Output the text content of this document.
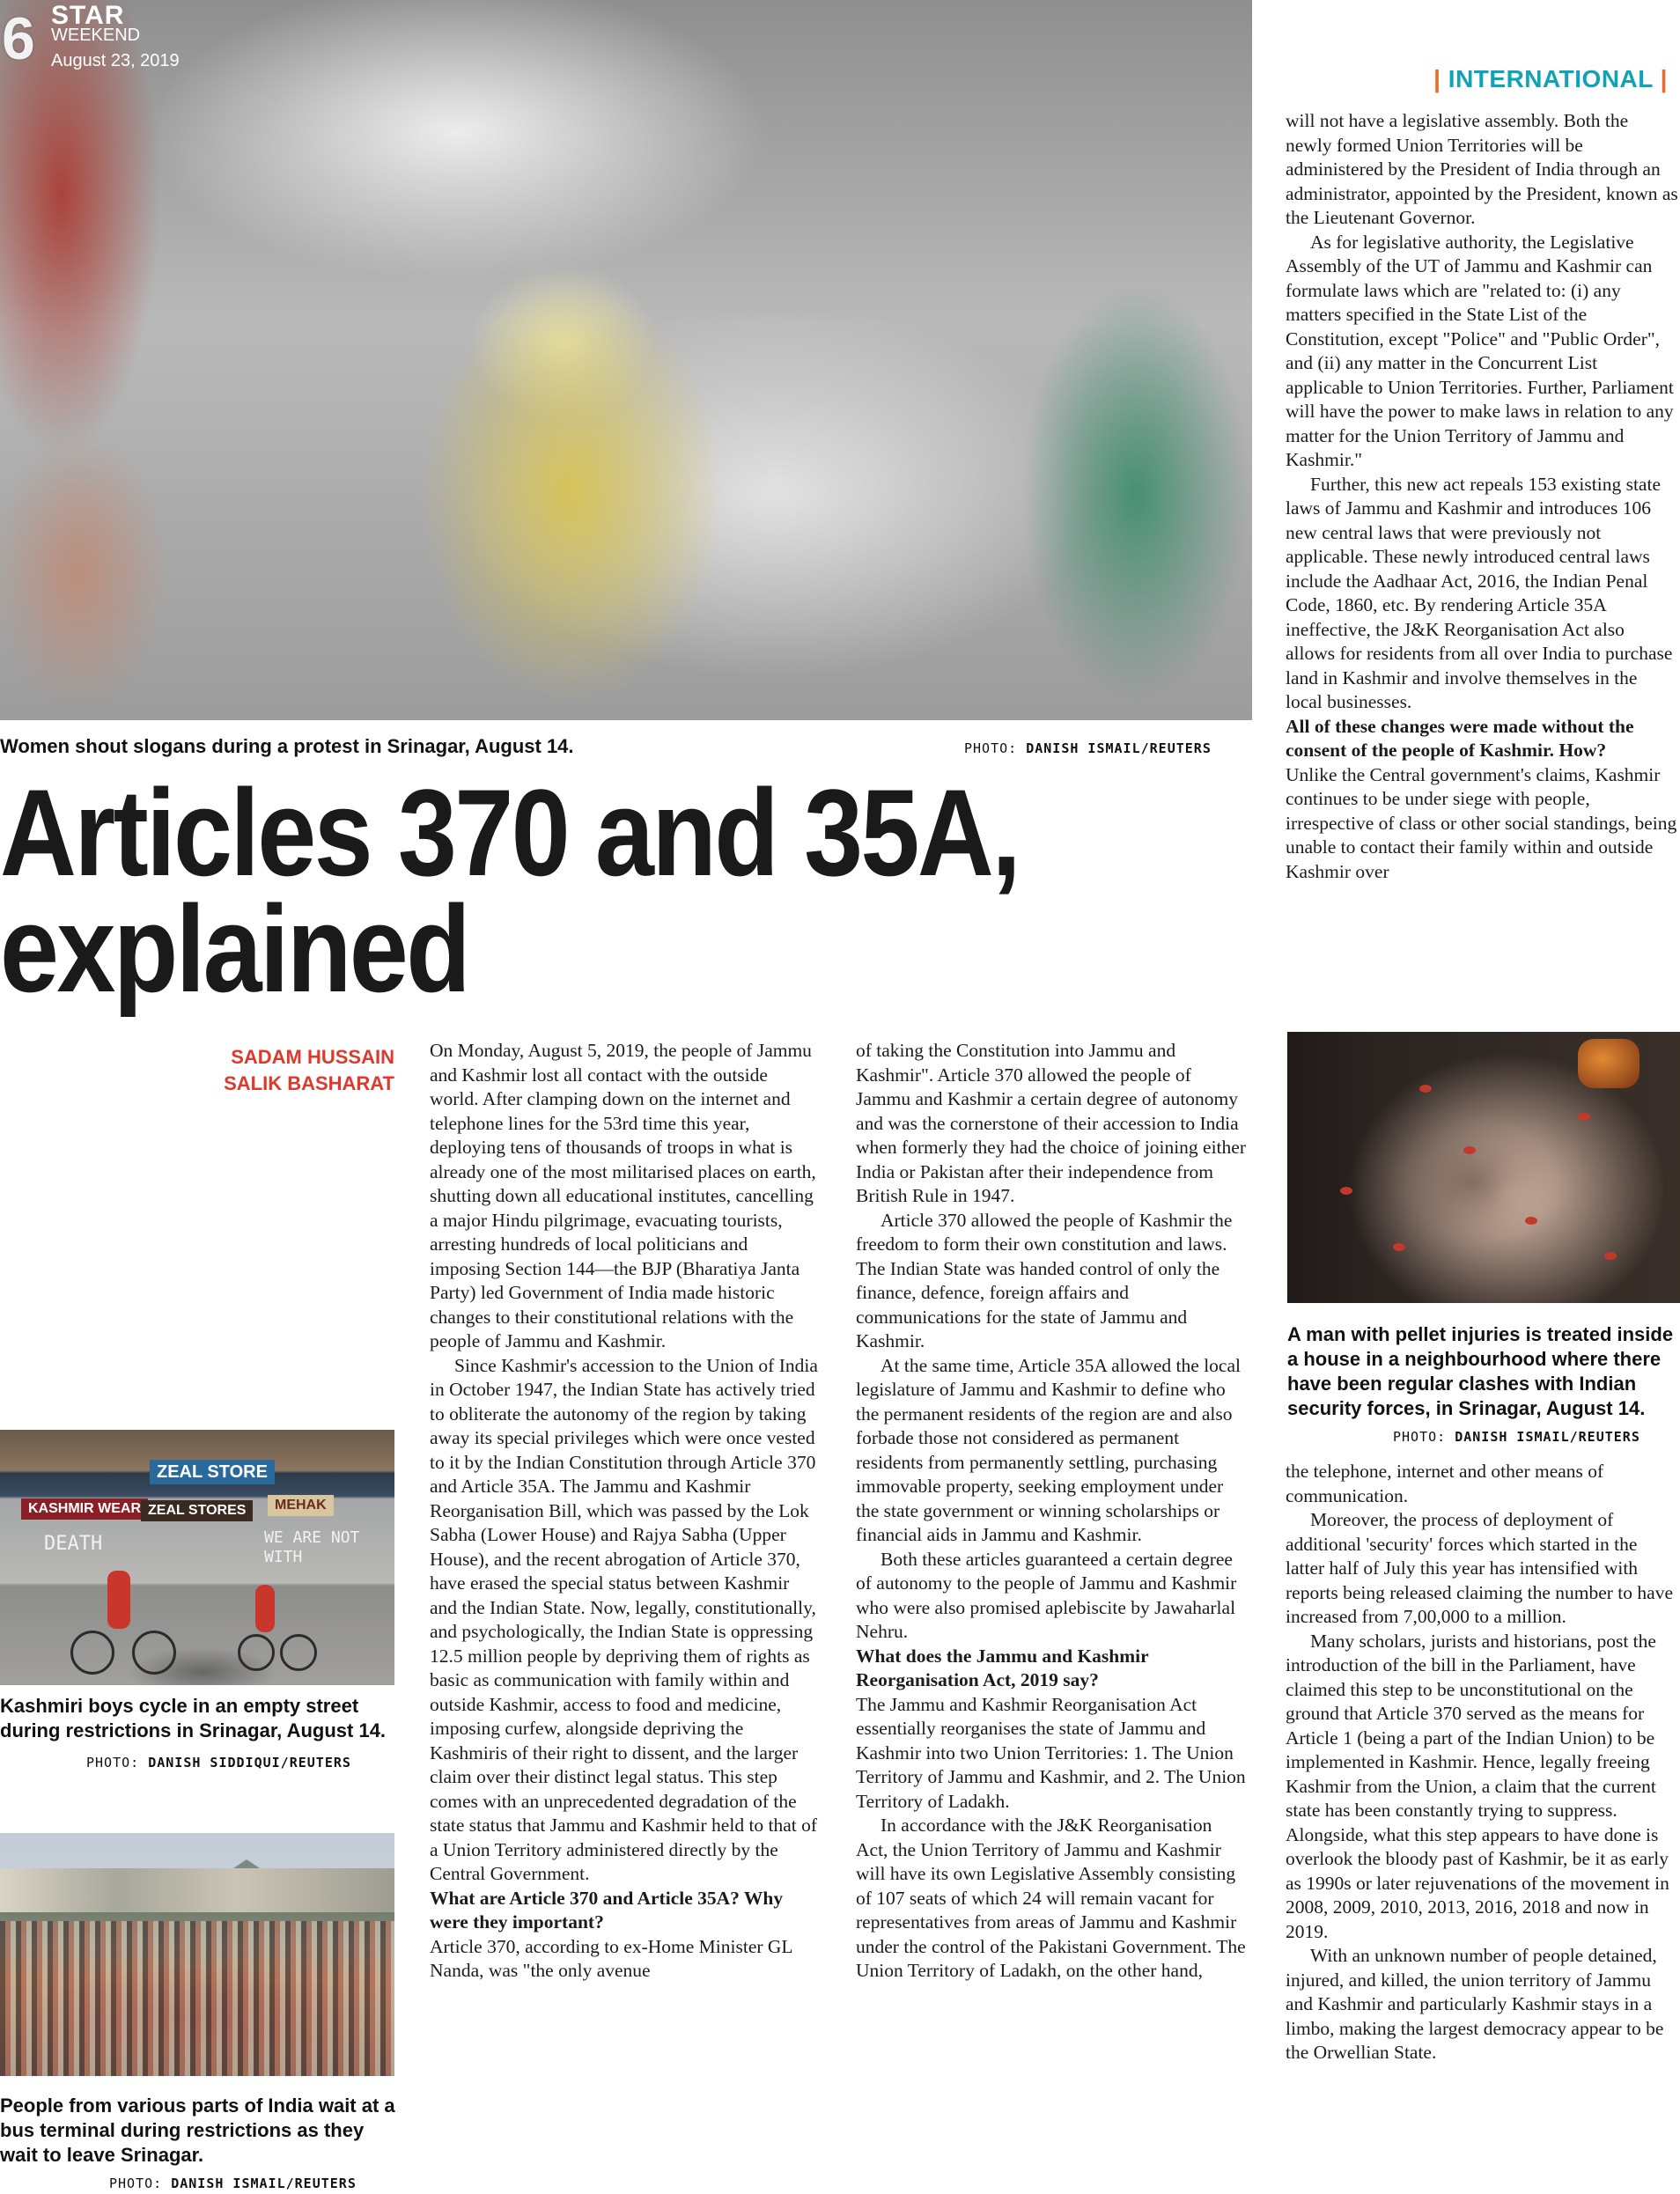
6 STAR
WEEKEND
August 23, 2019
| INTERNATIONAL |
Women shout slogans during a protest in Srinagar, August 14.	PHOTO: DANISH ISMAIL/REUTERS
Articles 370 and 35A,
explained
SADAM HUSSAIN
SALIK BASHARAT
ZEAL STORE
KASHMIR WEAR ZEAL STORES	MEHAK
DEATH	WE ARE NOT WITH
Kashmiri boys cycle in an empty street during restrictions in Srinagar, August 14.
PHOTO: DANISH SIDDIQUI/REUTERS
People from various parts of India wait at a bus terminal during restrictions as they wait to leave Srinagar.
PHOTO: DANISH ISMAIL/REUTERS
A man with pellet injuries is treated inside a house in a neighbourhood where there have been regular clashes with Indian security forces, in Srinagar, August 14.
PHOTO: DANISH ISMAIL/REUTERS

On Monday, August 5, 2019, the people of Jammu and Kashmir lost all contact with the outside world. After clamping down on the internet and telephone lines for the 53rd time this year, deploying tens of thousands of troops in what is already one of the most militarised places on earth, shutting down all educational institutes, cancelling a major Hindu pilgrimage, evacuating tourists, arresting hundreds of local politicians and imposing Section 144—the BJP (Bharatiya Janta Party) led Government of India made historic changes to their constitutional relations with the people of Jammu and Kashmir.

Since Kashmir's accession to the Union of India in October 1947, the Indian State has actively tried to obliterate the autonomy of the region by taking away its special privileges which were once vested to it by the Indian Constitution through Article 370 and Article 35A. The Jammu and Kashmir Reorganisation Bill, which was passed by the Lok Sabha (Lower House) and Rajya Sabha (Upper House), and the recent abrogation of Article 370, have erased the special status between Kashmir and the Indian State. Now, legally, constitutionally, and psychologically, the Indian State is oppressing 12.5 million people by depriving them of rights as basic as communication with family within and outside Kashmir, access to food and medicine, imposing curfew, alongside depriving the Kashmiris of their right to dissent, and the larger claim over their distinct legal status. This step comes with an unprecedented degradation of the state status that Jammu and Kashmir held to that of a Union Territory administered directly by the Central Government.

What are Article 370 and Article 35A? Why were they important?

Article 370, according to ex-Home Minister GL Nanda, was "the only avenue

of taking the Constitution into Jammu and Kashmir". Article 370 allowed the people of Jammu and Kashmir a certain degree of autonomy and was the cornerstone of their accession to India when formerly they had the choice of joining either India or Pakistan after their independence from British Rule in 1947.

Article 370 allowed the people of Kashmir the freedom to form their own constitution and laws. The Indian State was handed control of only the finance, defence, foreign affairs and communications for the state of Jammu and Kashmir.

At the same time, Article 35A allowed the local legislature of Jammu and Kashmir to define who the permanent residents of the region are and also forbade those not considered as permanent residents from permanently settling, purchasing immovable property, seeking employment under the state government or winning scholarships or financial aids in Jammu and Kashmir.

Both these articles guaranteed a certain degree of autonomy to the people of Jammu and Kashmir who were also promised aplebiscite by Jawaharlal Nehru.

What does the Jammu and Kashmir Reorganisation Act, 2019 say?

The Jammu and Kashmir Reorganisation Act essentially reorganises the state of Jammu and Kashmir into two Union Territories: 1. The Union Territory of Jammu and Kashmir, and 2. The Union Territory of Ladakh.

In accordance with the J&K Reorganisation Act, the Union Territory of Jammu and Kashmir will have its own Legislative Assembly consisting of 107 seats of which 24 will remain vacant for representatives from areas of Jammu and Kashmir under the control of the Pakistani Government. The Union Territory of Ladakh, on the other hand,

will not have a legislative assembly. Both the newly formed Union Territories will be administered by the President of India through an administrator, appointed by the President, known as the Lieutenant Governor.

As for legislative authority, the Legislative Assembly of the UT of Jammu and Kashmir can formulate laws which are "related to: (i) any matters specified in the State List of the Constitution, except "Police" and "Public Order", and (ii) any matter in the Concurrent List applicable to Union Territories. Further, Parliament will have the power to make laws in relation to any matter for the Union Territory of Jammu and Kashmir."

Further, this new act repeals 153 existing state laws of Jammu and Kashmir and introduces 106 new central laws that were previously not applicable. These newly introduced central laws include the Aadhaar Act, 2016, the Indian Penal Code, 1860, etc. By rendering Article 35A ineffective, the J&K Reorganisation Act also allows for residents from all over India to purchase land in Kashmir and involve themselves in the local businesses.

All of these changes were made without the consent of the people of Kashmir. How?

Unlike the Central government's claims, Kashmir continues to be under siege with people, irrespective of class or other social standings, being unable to contact their family within and outside Kashmir over

the telephone, internet and other means of communication.

Moreover, the process of deployment of additional 'security' forces which started in the latter half of July this year has intensified with reports being released claiming the number to have increased from 7,00,000 to a million.

Many scholars, jurists and historians, post the introduction of the bill in the Parliament, have claimed this step to be unconstitutional on the ground that Article 370 served as the means for Article 1 (being a part of the Indian Union) to be implemented in Kashmir. Hence, legally freeing Kashmir from the Union, a claim that the current state has been constantly trying to suppress. Alongside, what this step appears to have done is overlook the bloody past of Kashmir, be it as early as 1990s or later rejuvenations of the movement in 2008, 2009, 2010, 2013, 2016, 2018 and now in 2019.

With an unknown number of people detained, injured, and killed, the union territory of Jammu and Kashmir and particularly Kashmir stays in a limbo, making the largest democracy appear to be the Orwellian State.
